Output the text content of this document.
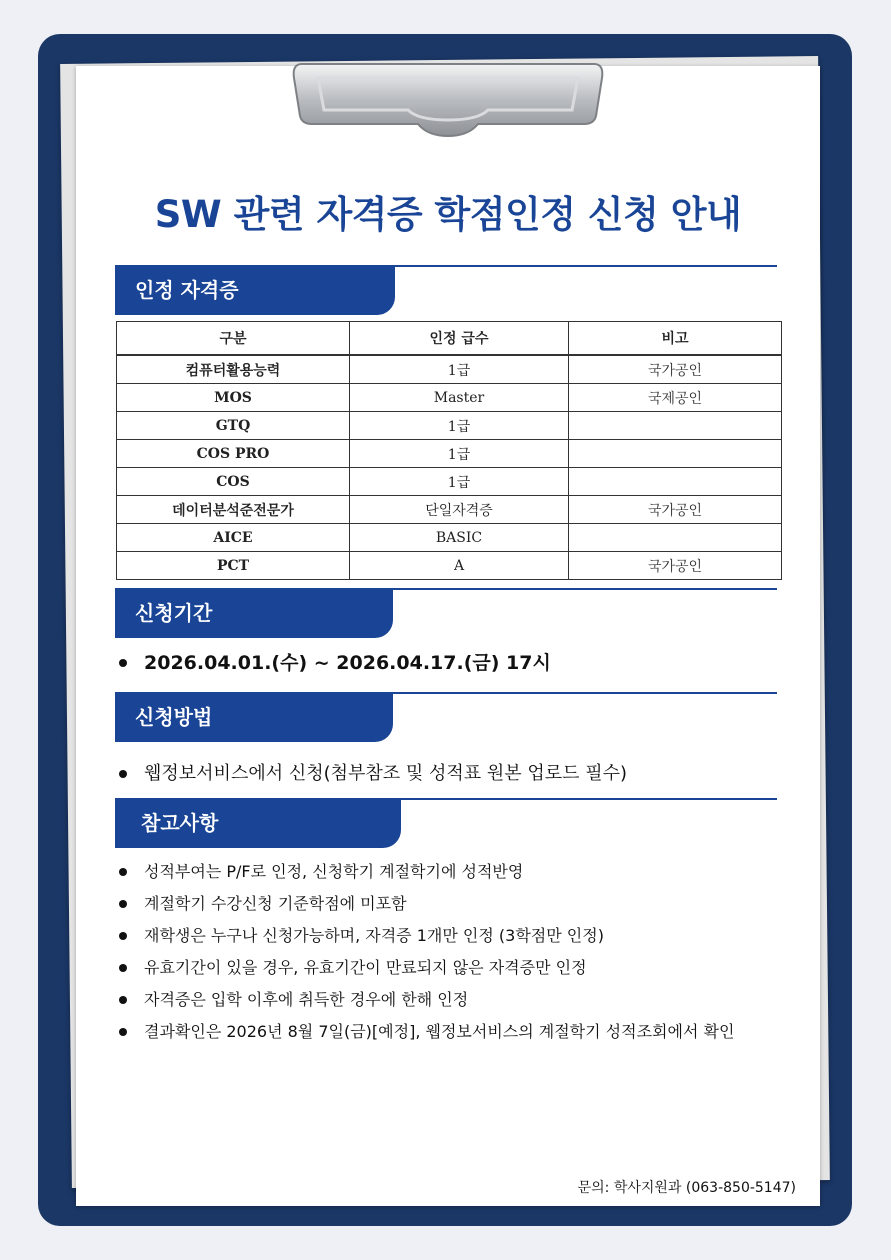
SW 관련 자격증 학점인정 신청 안내
인정 자격증
구분	인정 급수	비고
컴퓨터활용능력	1급	국가공인
MOS	Master	국제공인
GTQ	1급	
COS PRO	1급	
COS	1급	
데이터분석준전문가	단일자격증	국가공인
AICE	BASIC	
PCT	A	국가공인
신청기간
2026.04.01.(수) ~ 2026.04.17.(금) 17시
신청방법
웹정보서비스에서 신청(첨부참조 및 성적표 원본 업로드 필수)
참고사항
성적부여는 P/F로 인정, 신청학기 계절학기에 성적반영
계절학기 수강신청 기준학점에 미포함
재학생은 누구나 신청가능하며, 자격증 1개만 인정 (3학점만 인정)
유효기간이 있을 경우, 유효기간이 만료되지 않은 자격증만 인정
자격증은 입학 이후에 취득한 경우에 한해 인정
결과확인은 2026년 8월 7일(금)[예정], 웹정보서비스의 계절학기 성적조회에서 확인
문의: 학사지원과 (063-850-5147)
